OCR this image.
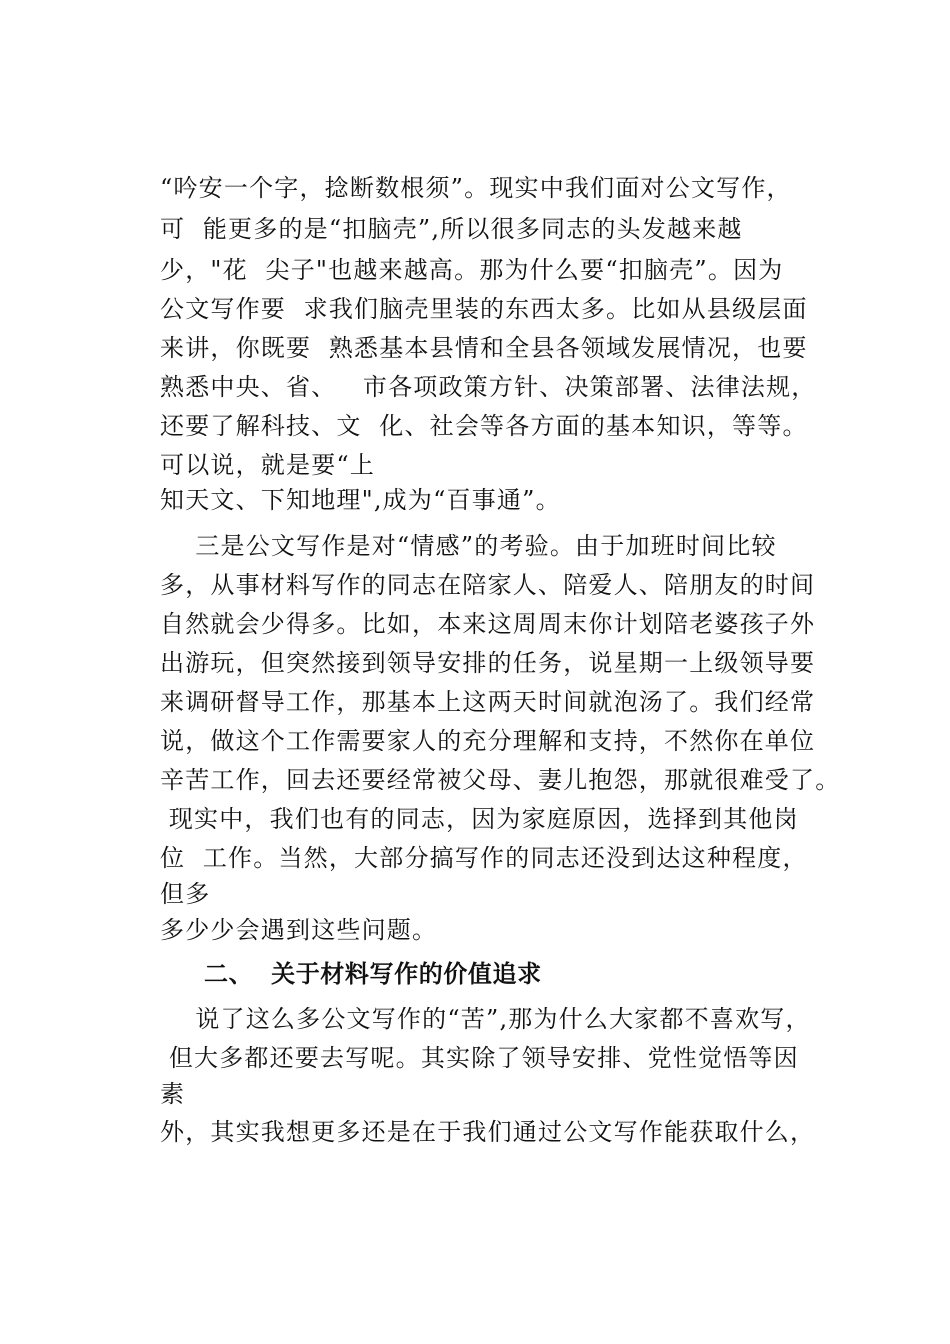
“吟安一个字，捻断数根须”。现实中我们面对公文写作，
可  能更多的是“扣脑壳”,所以很多同志的头发越来越
少，"花  尖子"也越来越高。那为什么要“扣脑壳”。因为
公文写作要  求我们脑壳里装的东西太多。比如从县级层面
来讲，你既要  熟悉基本县情和全县各领域发展情况，也要
熟悉中央、省、   市各项政策方针、决策部署、法律法规，
还要了解科技、文  化、社会等各方面的基本知识，等等。
可以说，就是要“上
知天文、下知地理",成为“百事通”。
三是公文写作是对“情感”的考验。由于加班时间比较
多，从事材料写作的同志在陪家人、陪爱人、陪朋友的时间
自然就会少得多。比如，本来这周周末你计划陪老婆孩子外
出游玩，但突然接到领导安排的任务，说星期一上级领导要
来调研督导工作，那基本上这两天时间就泡汤了。我们经常
说，做这个工作需要家人的充分理解和支持，不然你在单位
辛苦工作，回去还要经常被父母、妻儿抱怨，那就很难受了。
现实中，我们也有的同志，因为家庭原因，选择到其他岗
位  工作。当然，大部分搞写作的同志还没到达这种程度，
但多
多少少会遇到这些问题。
二、  关于材料写作的价值追求
说了这么多公文写作的“苦”,那为什么大家都不喜欢写，
但大多都还要去写呢。其实除了领导安排、党性觉悟等因
素
外，其实我想更多还是在于我们通过公文写作能获取什么，
